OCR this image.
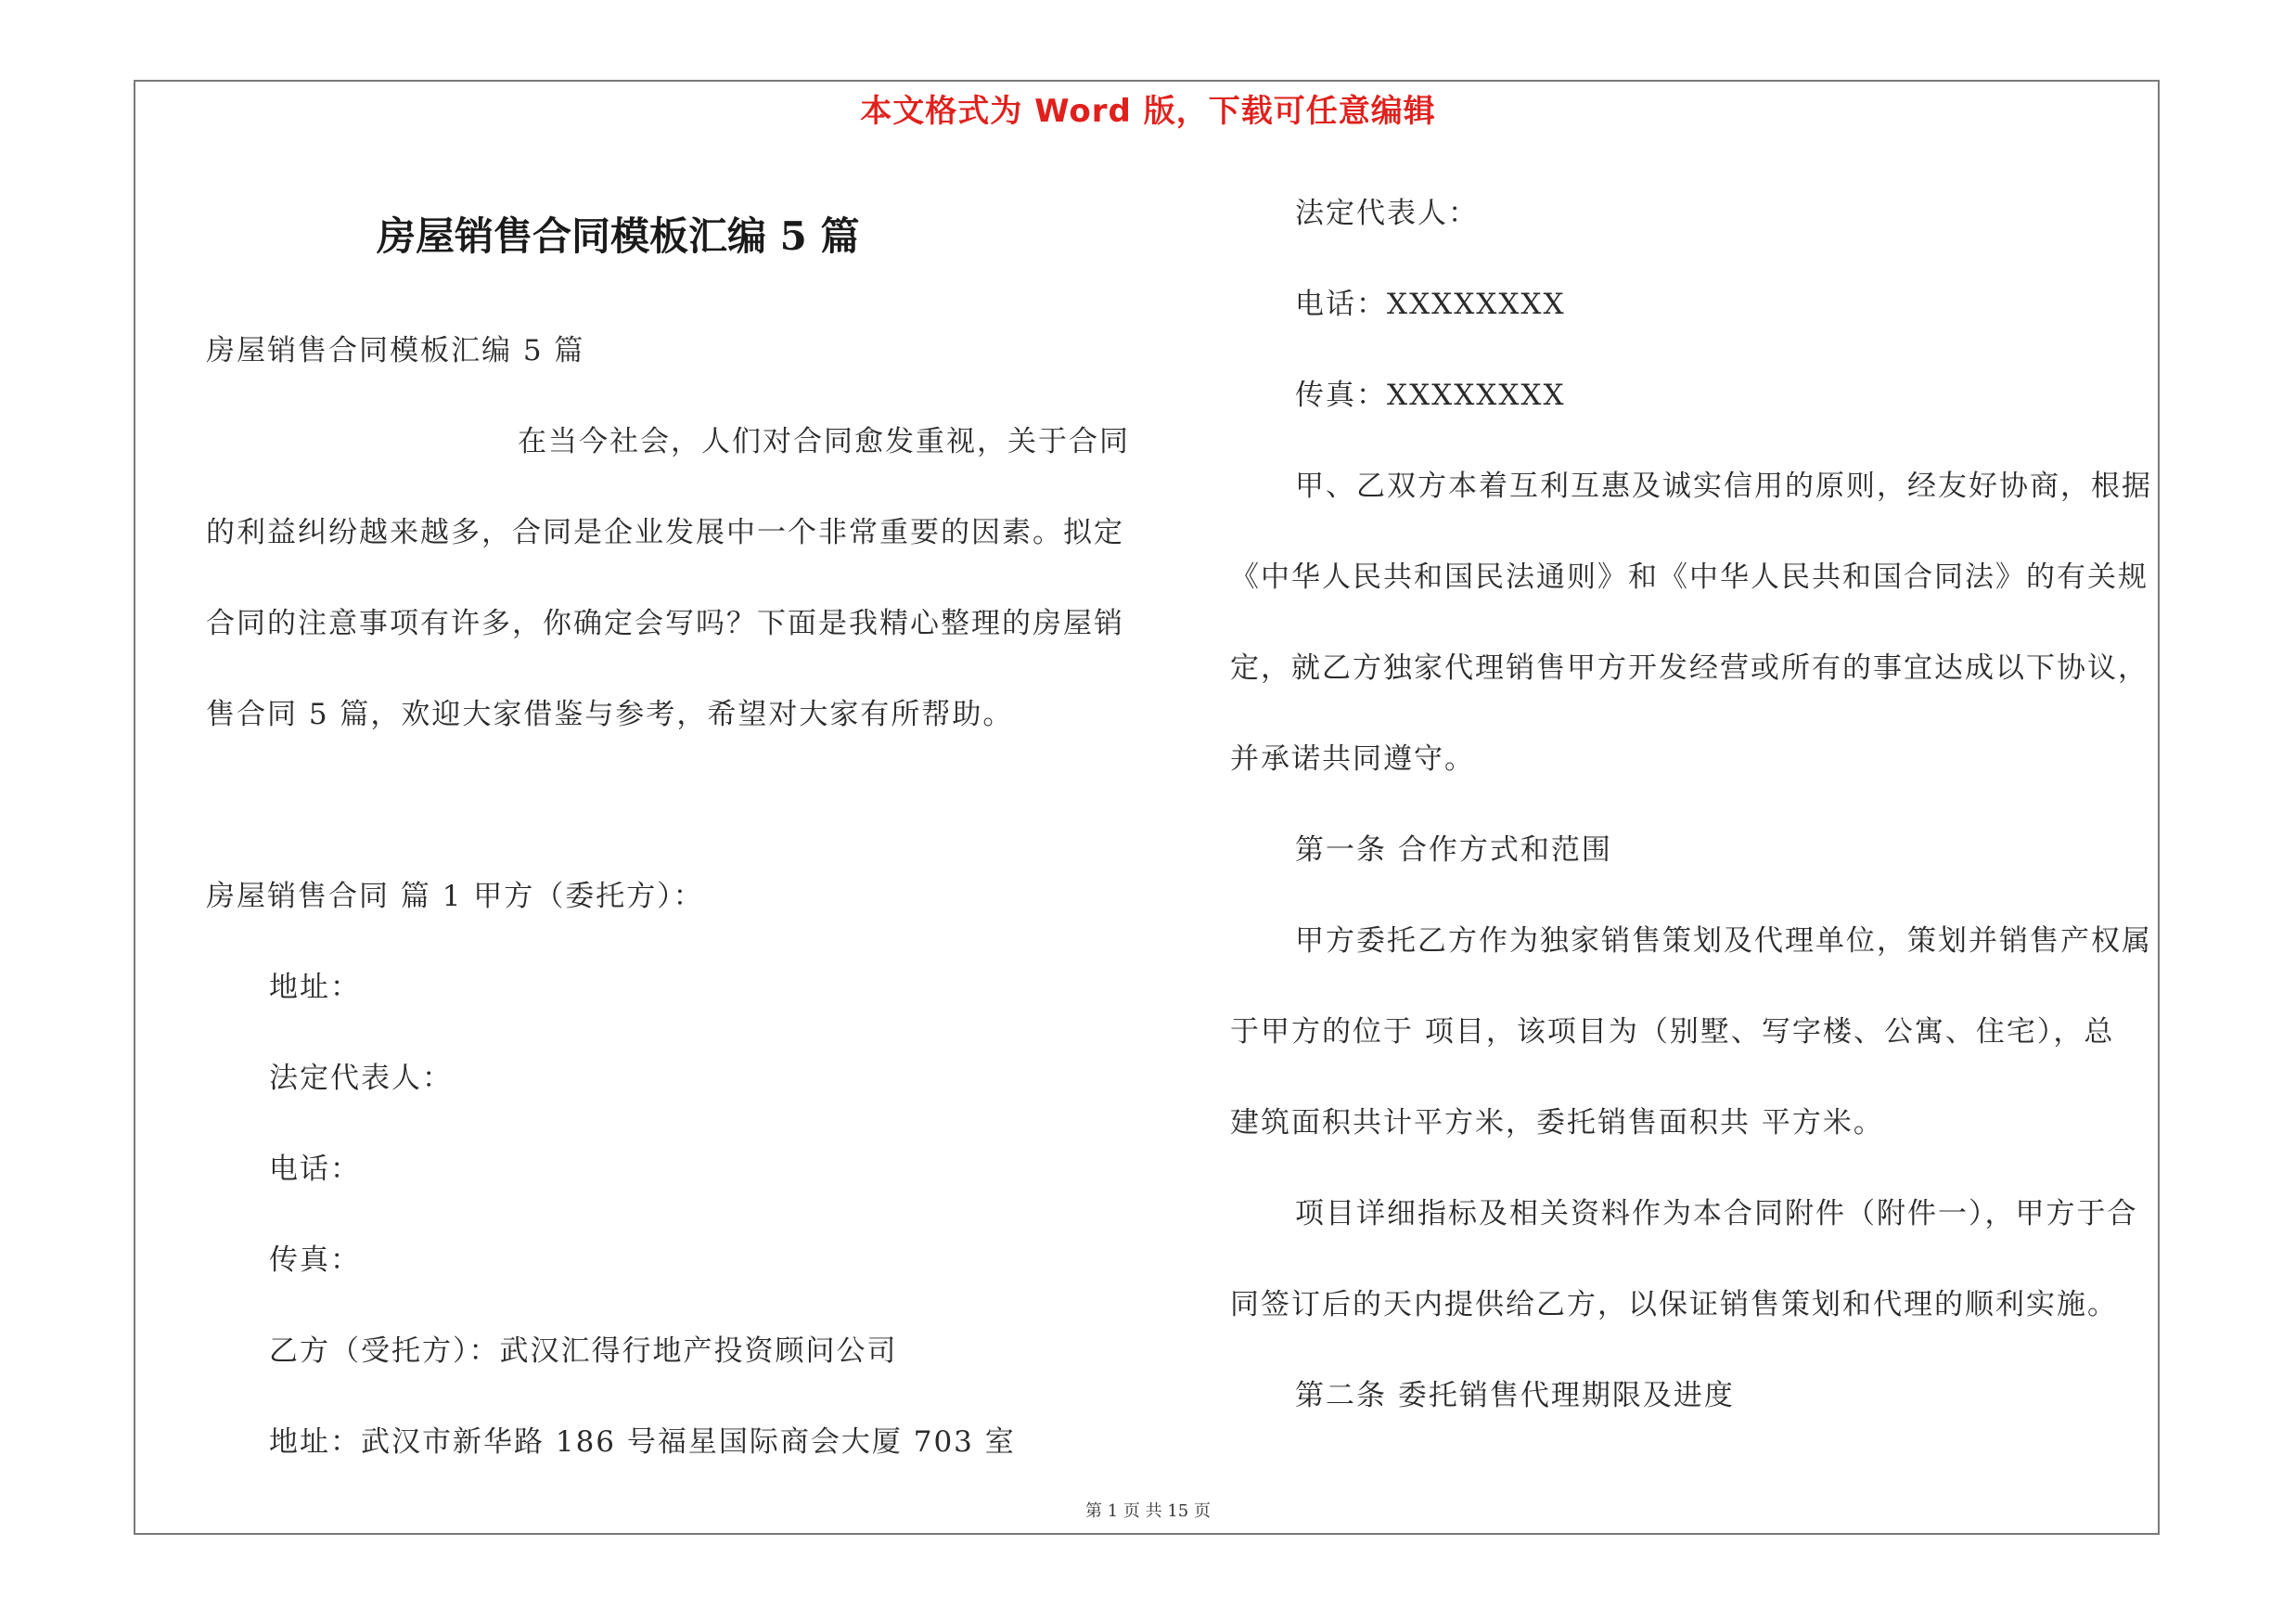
本文格式为 Word 版，下载可任意编辑
房屋销售合同模板汇编 5 篇
房屋销售合同模板汇编 5 篇
在当今社会，人们对合同愈发重视，关于合同
的利益纠纷越来越多，合同是企业发展中一个非常重要的因素。拟定
合同的注意事项有许多，你确定会写吗？下面是我精心整理的房屋销
售合同 5 篇，欢迎大家借鉴与参考，希望对大家有所帮助。
房屋销售合同 篇 1 甲方（委托方）：
地址：
法定代表人：
电话：
传真：
乙方（受托方）：武汉汇得行地产投资顾问公司
地址：武汉市新华路 186 号福星国际商会大厦 703 室
法定代表人：
电话：XXXXXXXX
传真：XXXXXXXX
甲、乙双方本着互利互惠及诚实信用的原则，经友好协商，根据
《中华人民共和国民法通则》和《中华人民共和国合同法》的有关规
定，就乙方独家代理销售甲方开发经营或所有的事宜达成以下协议，
并承诺共同遵守。
第一条 合作方式和范围
甲方委托乙方作为独家销售策划及代理单位，策划并销售产权属
于甲方的位于 项目，该项目为（别墅、写字楼、公寓、住宅），总
建筑面积共计平方米，委托销售面积共 平方米。
项目详细指标及相关资料作为本合同附件（附件一），甲方于合
同签订后的天内提供给乙方，以保证销售策划和代理的顺利实施。
第二条 委托销售代理期限及进度
第 1 页 共 15 页
